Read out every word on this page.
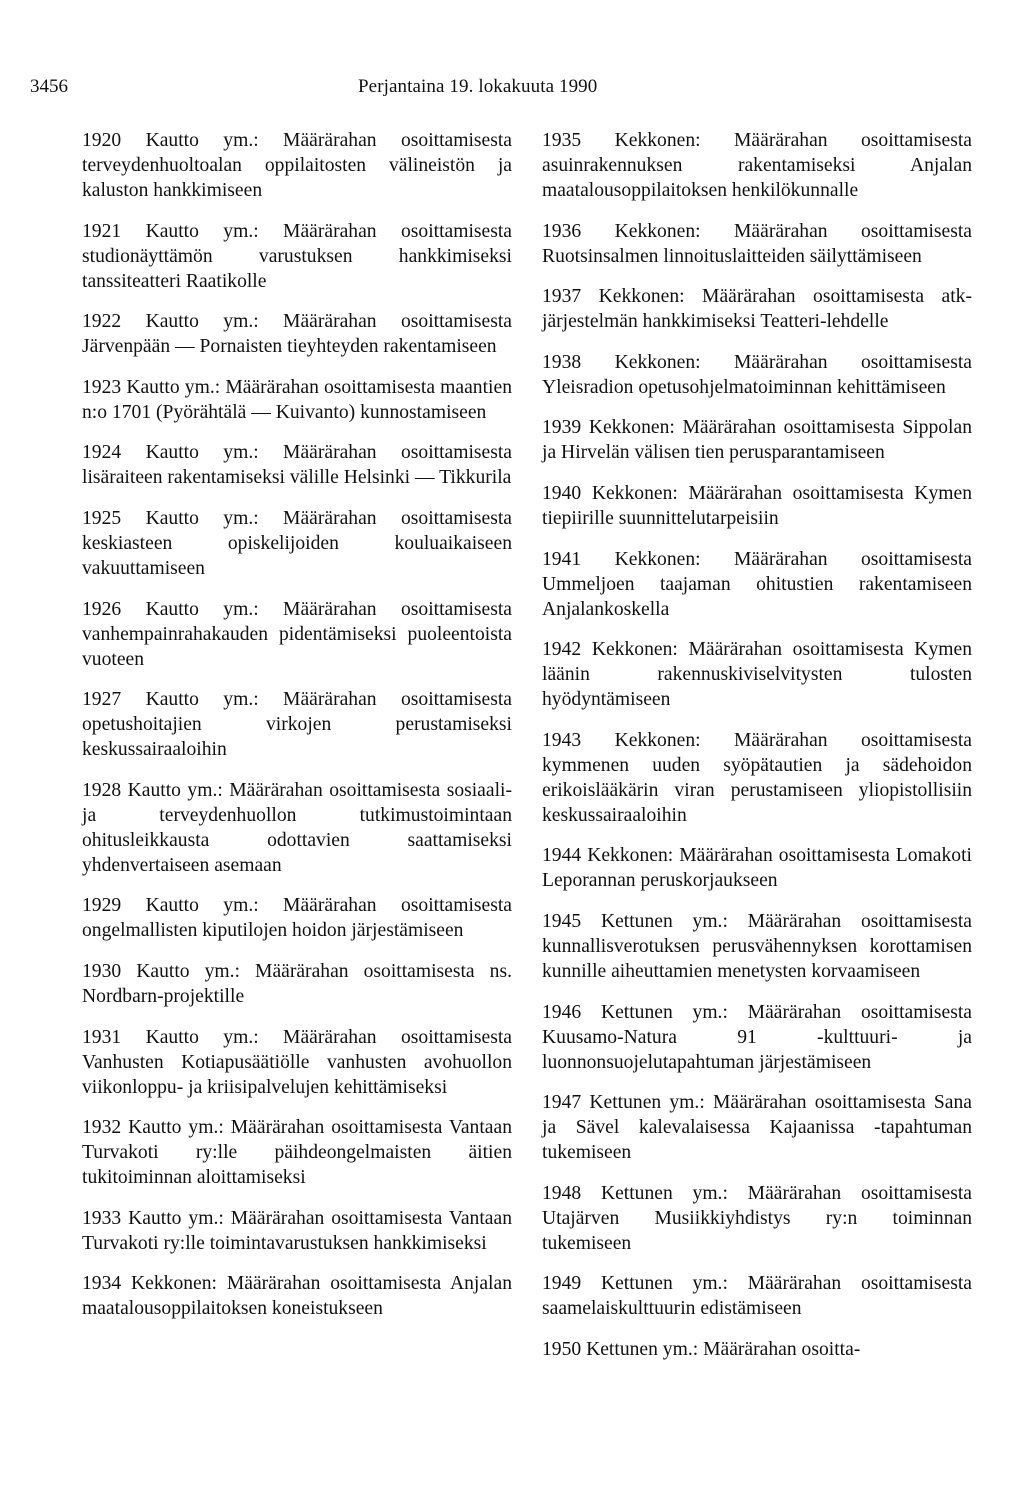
3456	Perjantaina 19. lokakuuta 1990

1920 Kautto ym.: Määrärahan osoittamisesta terveydenhuoltoalan oppilaitosten välineistön ja kaluston hankkimiseen

1921 Kautto ym.: Määrärahan osoittamisesta studionäyttämön varustuksen hankkimiseksi tanssiteatteri Raatikolle

1922 Kautto ym.: Määrärahan osoittamisesta Järvenpään — Pornaisten tieyhteyden rakentamiseen

1923 Kautto ym.: Määrärahan osoittamisesta maantien n:o 1701 (Pyörähtälä — Kuivanto) kunnostamiseen

1924 Kautto ym.: Määrärahan osoittamisesta lisäraiteen rakentamiseksi välille Helsinki — Tikkurila

1925 Kautto ym.: Määrärahan osoittamisesta keskiasteen opiskelijoiden kouluaikaiseen vakuuttamiseen

1926 Kautto ym.: Määrärahan osoittamisesta vanhempainrahakauden pidentämiseksi puoleentoista vuoteen

1927 Kautto ym.: Määrärahan osoittamisesta opetushoitajien virkojen perustamiseksi keskussairaaloihin

1928 Kautto ym.: Määrärahan osoittamisesta sosiaali- ja terveydenhuollon tutkimustoimintaan ohitusleikkausta odottavien saattamiseksi yhdenvertaiseen asemaan

1929 Kautto ym.: Määrärahan osoittamisesta ongelmallisten kiputilojen hoidon järjestämiseen

1930 Kautto ym.: Määrärahan osoittamisesta ns. Nordbarn-projektille

1931 Kautto ym.: Määrärahan osoittamisesta Vanhusten Kotiapusäätiölle vanhusten avohuollon viikonloppu- ja kriisipalvelujen kehittämiseksi

1932 Kautto ym.: Määrärahan osoittamisesta Vantaan Turvakoti ry:lle päihdeongelmaisten äitien tukitoiminnan aloittamiseksi

1933 Kautto ym.: Määrärahan osoittamisesta Vantaan Turvakoti ry:lle toimintavarustuksen hankkimiseksi

1934 Kekkonen: Määrärahan osoittamisesta Anjalan maatalousoppilaitoksen koneistukseen

1935 Kekkonen: Määrärahan osoittamisesta asuinrakennuksen rakentamiseksi Anjalan maatalousoppilaitoksen henkilökunnalle

1936 Kekkonen: Määrärahan osoittamisesta Ruotsinsalmen linnoituslaitteiden säilyttämiseen

1937 Kekkonen: Määrärahan osoittamisesta atk-järjestelmän hankkimiseksi Teatteri-lehdelle

1938 Kekkonen: Määrärahan osoittamisesta Yleisradion opetusohjelmatoiminnan kehittämiseen

1939 Kekkonen: Määrärahan osoittamisesta Sippolan ja Hirvelän välisen tien perusparantamiseen

1940 Kekkonen: Määrärahan osoittamisesta Kymen tiepiirille suunnittelutarpeisiin

1941 Kekkonen: Määrärahan osoittamisesta Ummeljoen taajaman ohitustien rakentamiseen Anjalankoskella

1942 Kekkonen: Määrärahan osoittamisesta Kymen läänin rakennuskiviselvitysten tulosten hyödyntämiseen

1943 Kekkonen: Määrärahan osoittamisesta kymmenen uuden syöpätautien ja sädehoidon erikoislääkärin viran perustamiseen yliopistollisiin keskussairaaloihin

1944 Kekkonen: Määrärahan osoittamisesta Lomakoti Leporannan peruskorjaukseen

1945 Kettunen ym.: Määrärahan osoittamisesta kunnallisverotuksen perusvähennyksen korottamisen kunnille aiheuttamien menetysten korvaamiseen

1946 Kettunen ym.: Määrärahan osoittamisesta Kuusamo-Natura 91 -kulttuuri- ja luonnonsuojelutapahtuman järjestämiseen

1947 Kettunen ym.: Määrärahan osoittamisesta Sana ja Sävel kalevalaisessa Kajaanissa -tapahtuman tukemiseen

1948 Kettunen ym.: Määrärahan osoittamisesta Utajärven Musiikkiyhdistys ry:n toiminnan tukemiseen

1949 Kettunen ym.: Määrärahan osoittamisesta saamelaiskulttuurin edistämiseen

1950 Kettunen ym.: Määrärahan osoitta-
